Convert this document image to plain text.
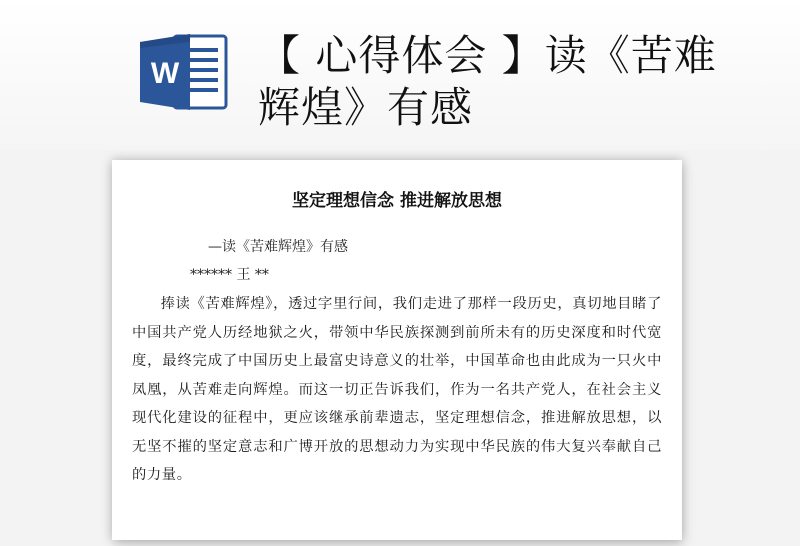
W 【 心得体会 】读《苦难辉煌》有感
坚定理想信念 推进解放思想
—读《苦难辉煌》有感
****** 王 **

捧读《苦难辉煌》，透过字里行间，我们走进了那样一段历史，真切地目睹了中国共产党人历经地狱之火，带领中华民族探测到前所未有的历史深度和时代宽度，最终完成了中国历史上最富史诗意义的壮举，中国革命也由此成为一只火中凤凰，从苦难走向辉煌。而这一切正告诉我们，作为一名共产党人，在社会主义现代化建设的征程中，更应该继承前辈遗志，坚定理想信念，推进解放思想，以无坚不摧的坚定意志和广博开放的思想动力为实现中华民族的伟大复兴奉献自己的力量。
